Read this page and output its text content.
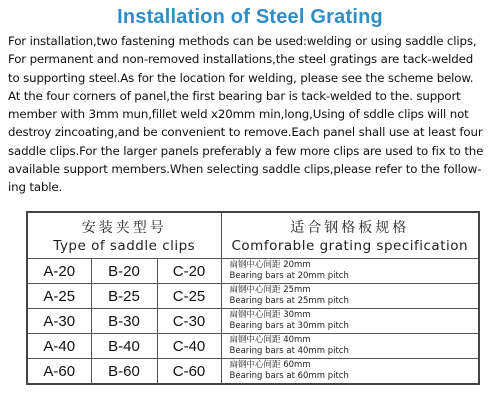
Installation of Steel Grating
For installation,two fastening methods can be used:welding or using saddle clips,
For permanent and non-removed installations,the steel gratings are tack-welded
to supporting steel.As for the location for welding, please see the scheme below.
At the four corners of panel,the first bearing bar is tack-welded to the. support
member with 3mm mun,fillet weld x20mm min,long,Using of sddle clips will not
destroy zincoating,and be convenient to remove.Each panel shall use at least four
saddle clips.For the larger panels preferably a few more clips are used to fix to the
available support members.When selecting saddle clips,please refer to the follow-
ing table.
安装夹型号
Type of saddle clips			适合钢格板规格
Comforable grating specification

A-20	B-20	C-20	扁钢中心间距 20mm
Bearing bars at 20mm pitch

A-25	B-25	C-25	扁钢中心间距 25mm
Bearing bars at 25mm pitch

A-30	B-30	C-30	扁钢中心间距 30mm
Bearing bars at 30mm pitch

A-40	B-40	C-40	扁钢中心间距 40mm
Bearing bars at 40mm pitch

A-60	B-60	C-60	扁钢中心间距 60mm
Bearing bars at 60mm pitch
